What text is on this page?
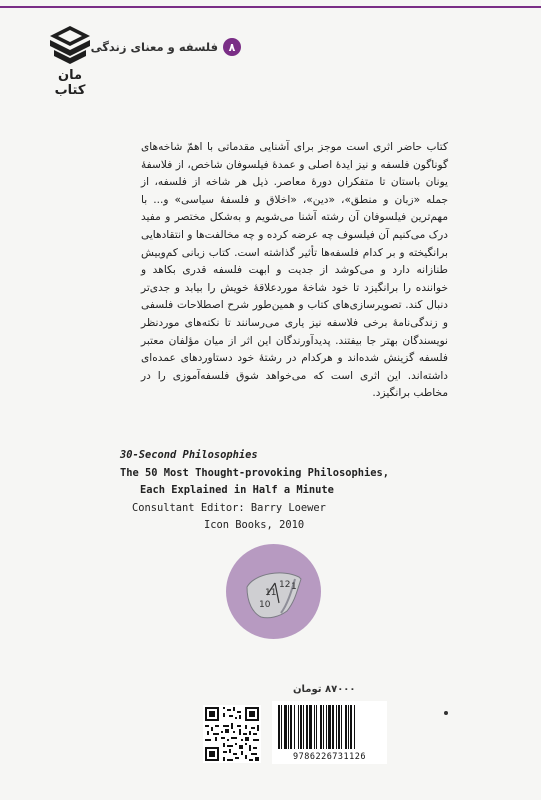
مان
کتاب
۸
فلسفه و معنای زندگی

کتاب حاضر اثری است موجز برای آشنایی مقدماتی با اهمّ شاخه‌های گوناگون فلسفه و نیز ایدهٔ اصلی و عمدهٔ فیلسوفان شاخص، از فلاسفهٔ یونان باستان تا متفکران دورهٔ معاصر. ذیل هر شاخه از فلسفه، از جمله «زبان و منطق»، «دین»، «اخلاق و فلسفهٔ سیاسی» و... با مهم‌ترین فیلسوفان آن رشته آشنا می‌شویم و به‌شکل مختصر و مفید درک می‌کنیم آن فیلسوف چه عرضه کرده و چه مخالفت‌ها و انتقادهایی برانگیخته و بر کدام فلسفه‌ها تأثیر گذاشته است. کتاب زبانی کم‌وبیش طنازانه دارد و می‌کوشد از جدیت و ابهت فلسفه قدری بکاهد و خواننده را برانگیزد تا خود شاخهٔ موردعلاقهٔ خویش را بیابد و جدی‌تر دنبال کند. تصویرسازی‌های کتاب و همین‌طور شرح اصطلاحات فلسفی و زندگی‌نامهٔ برخی فلاسفه نیز یاری می‌رسانند تا نکته‌های موردنظر نویسندگان بهتر جا بیفتند. پدیدآورندگان این اثر از میان مؤلفان معتبر فلسفه گزینش شده‌اند و هرکدام در رشتهٔ خود دستاوردهای عمده‌ای داشته‌اند. این اثری است که می‌خواهد شوق فلسفه‌آموزی را در مخاطب برانگیزد.

30-Second Philosophies
The 50 Most Thought-provoking Philosophies,
Each Explained in Half a Minute
Consultant Editor: Barry Loewer
Icon Books, 2010
10
11
12 1
۸۷۰۰۰ تومان
9786226731126
